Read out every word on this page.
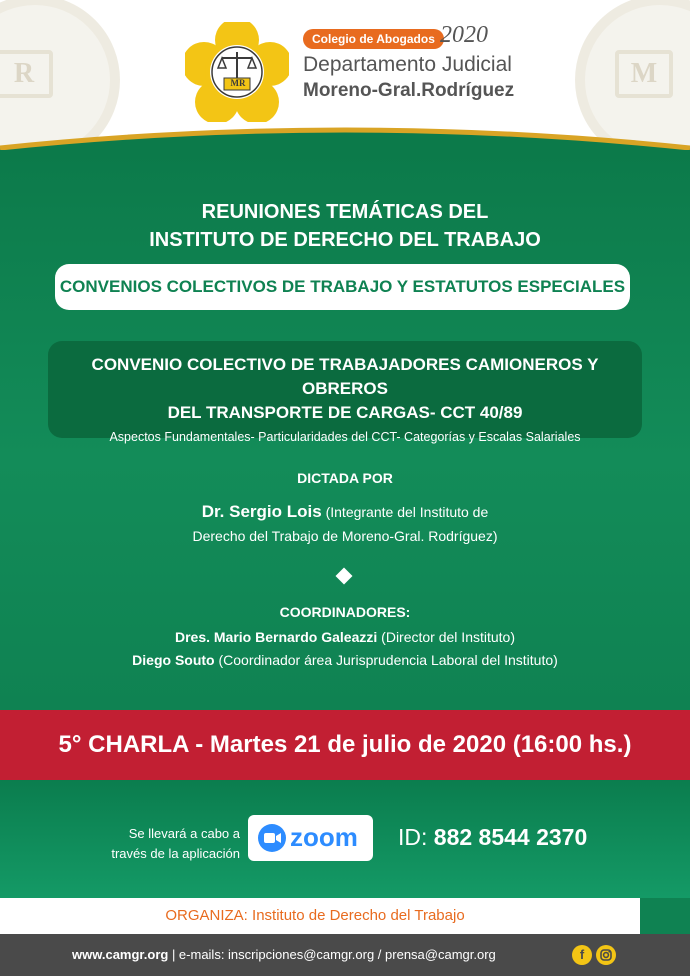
R	M
MR
Colegio de Abogados 2020
Departamento Judicial
Moreno-Gral.Rodríguez
REUNIONES TEMÁTICAS DEL
INSTITUTO DE DERECHO DEL TRABAJO
CONVENIOS COLECTIVOS DE TRABAJO Y ESTATUTOS ESPECIALES
CONVENIO COLECTIVO DE TRABAJADORES CAMIONEROS Y OBREROS
DEL TRANSPORTE DE CARGAS- CCT 40/89
Aspectos Fundamentales- Particularidades del CCT- Categorías y Escalas Salariales
DICTADA POR
Dr. Sergio Lois (Integrante del Instituto de
Derecho del Trabajo de Moreno-Gral. Rodríguez)
COORDINADORES:
Dres. Mario Bernardo Galeazzi (Director del Instituto)
Diego Souto (Coordinador área Jurisprudencia Laboral del Instituto)
5° CHARLA - Martes 21 de julio de 2020 (16:00 hs.)
Se llevará a cabo a
través de la aplicación
zoom ID: 882 8544 2370
ORGANIZA: Instituto de Derecho del Trabajo
www.camgr.org | e-mails: inscripciones@camgr.org / prensa@camgr.org	f
